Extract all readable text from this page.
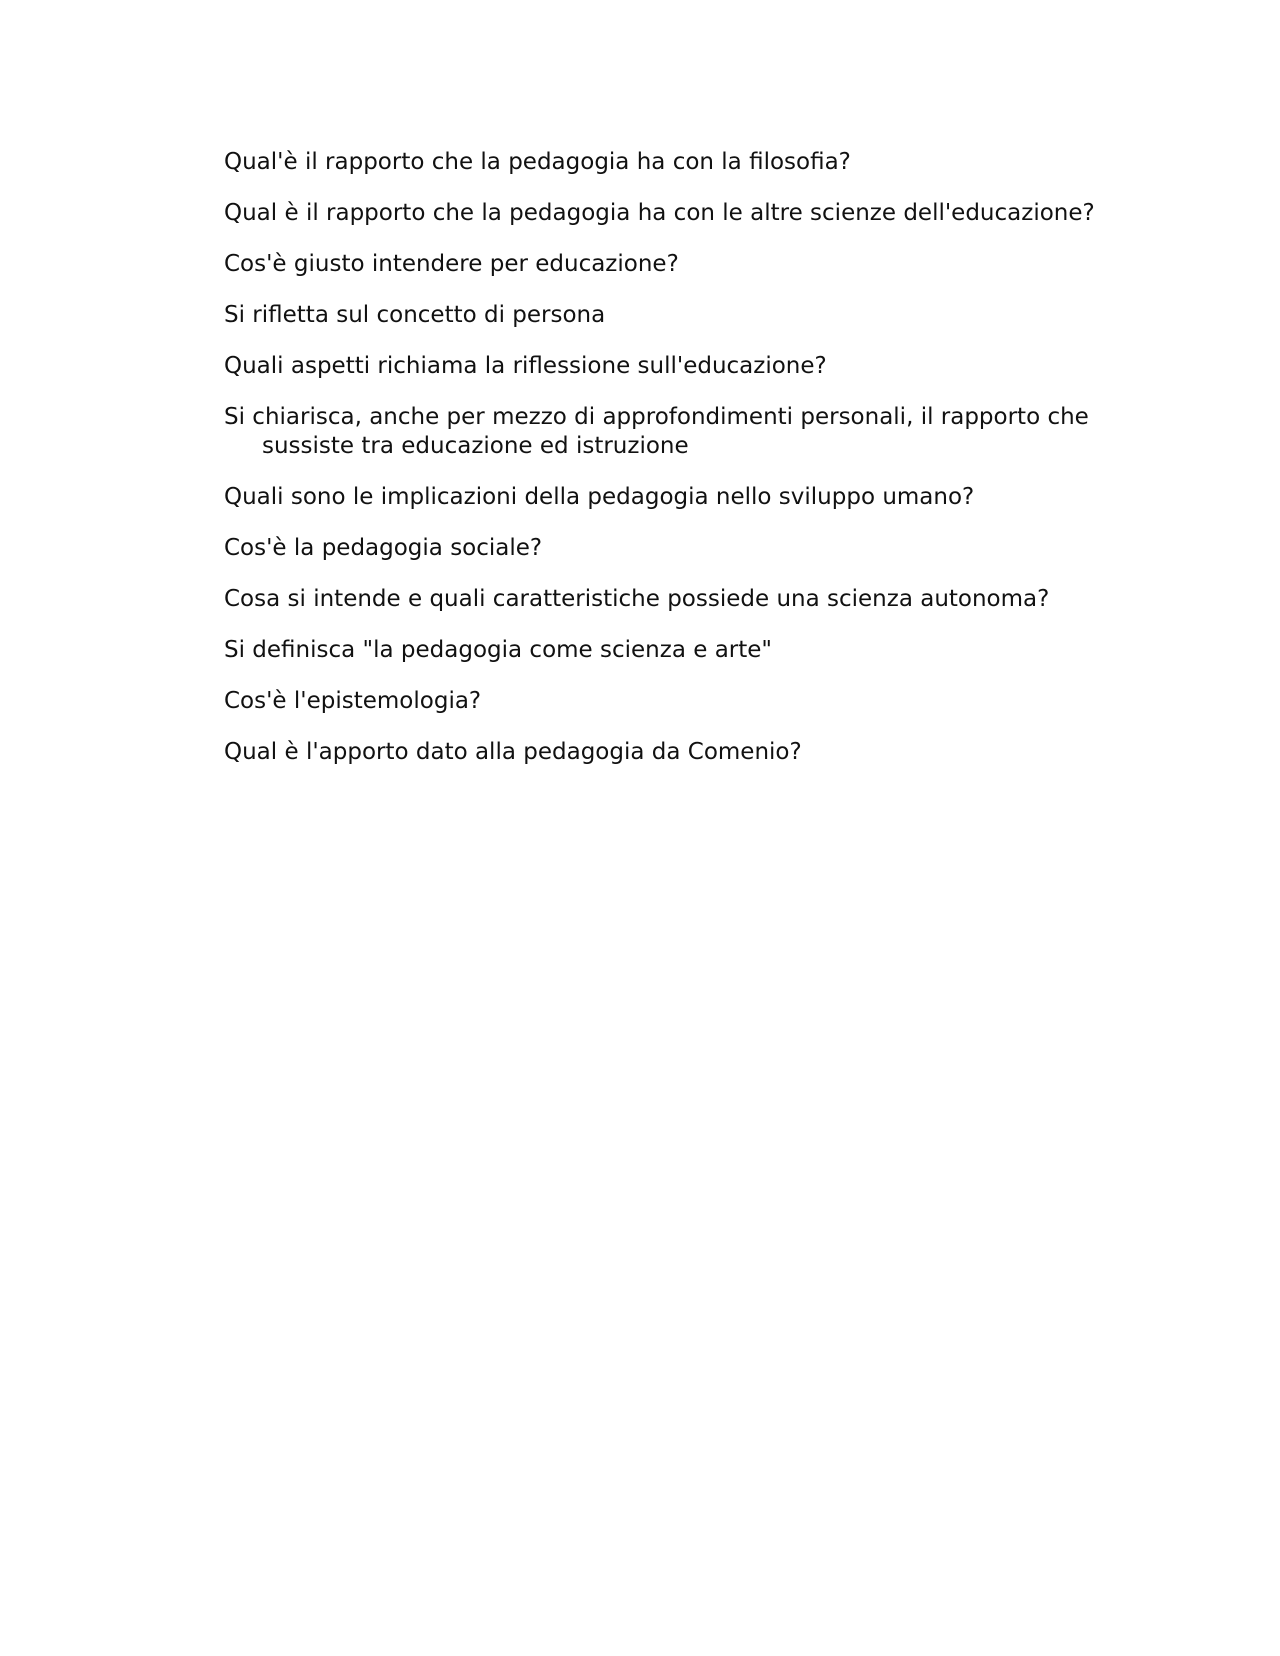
Qual'è il rapporto che la pedagogia ha con la filosofia?
Qual è il rapporto che la pedagogia ha con le altre scienze dell'educazione?
Cos'è giusto intendere per educazione?
Si rifletta sul concetto di persona
Quali aspetti richiama la riflessione sull'educazione?
Si chiarisca, anche per mezzo di approfondimenti personali, il rapporto che sussiste tra educazione ed istruzione
Quali sono le implicazioni della pedagogia nello sviluppo umano?
Cos'è la pedagogia sociale?
Cosa si intende e quali caratteristiche possiede una scienza autonoma?
Si definisca "la pedagogia come scienza e arte"
Cos'è l'epistemologia?
Qual è l'apporto dato alla pedagogia da Comenio?
